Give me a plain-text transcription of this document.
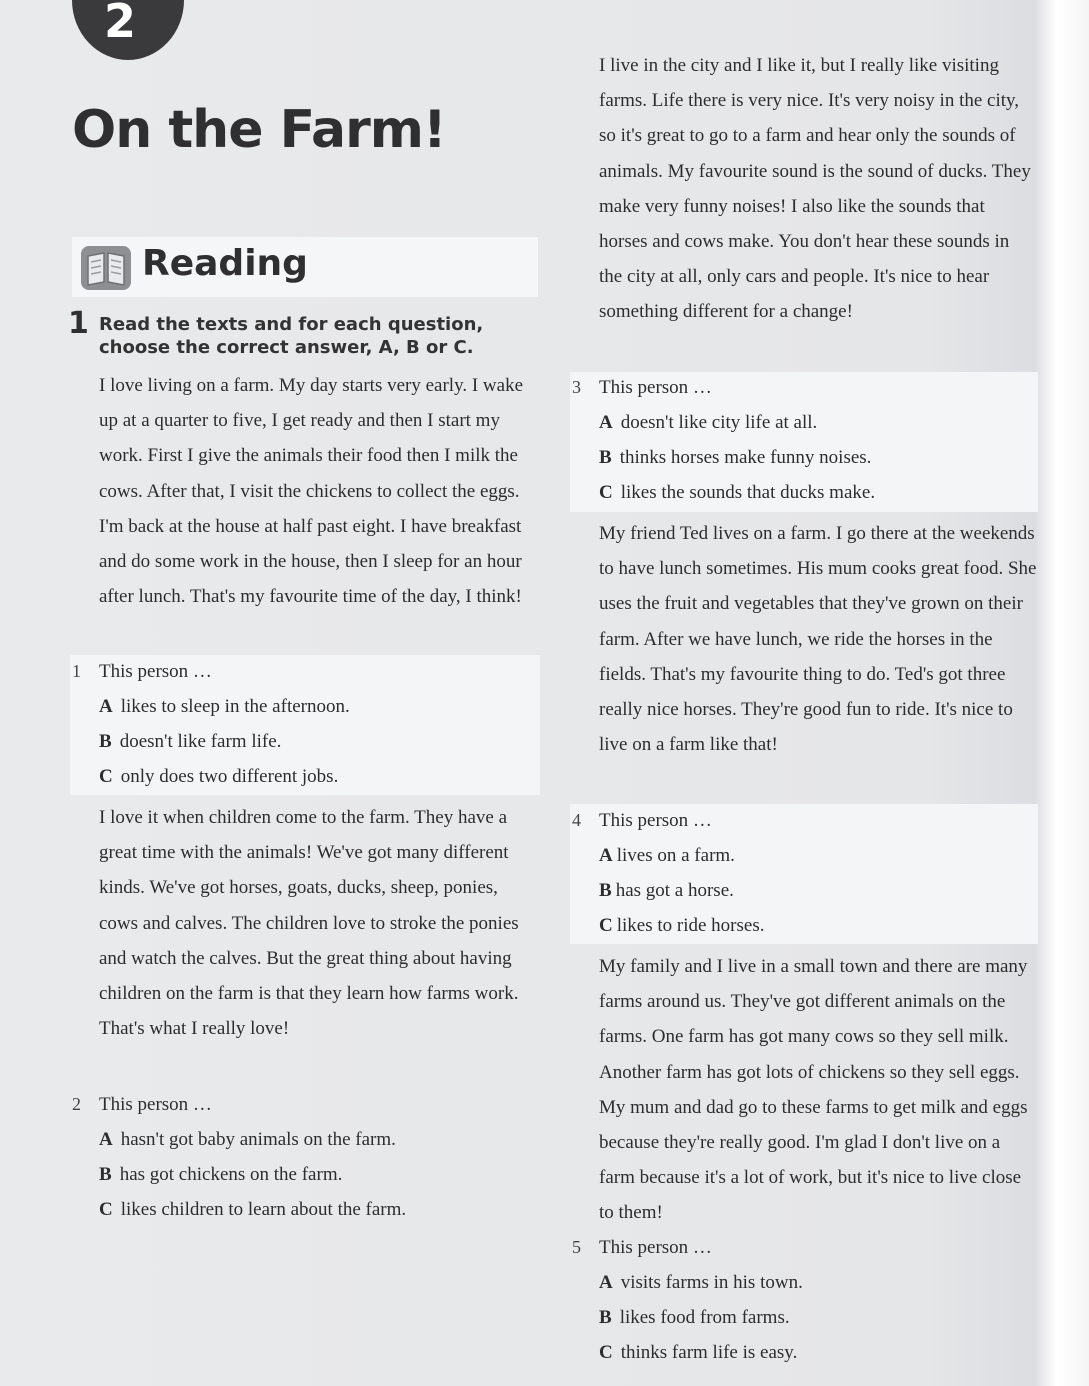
2
On the Farm!
Reading
1 Read the texts and for each question, choose the correct answer, A, B or C.

I love living on a farm. My day starts very early. I wake up at a quarter to five, I get ready and then I start my work. First I give the animals their food then I milk the cows. After that, I visit the chickens to collect the eggs. I'm back at the house at half past eight. I have breakfast and do some work in the house, then I sleep for an hour after lunch. That's my favourite time of the day, I think!

1 This person …
A likes to sleep in the afternoon.
B doesn't like farm life.
C only does two different jobs.

I love it when children come to the farm. They have a great time with the animals! We've got many different kinds. We've got horses, goats, ducks, sheep, ponies, cows and calves. The children love to stroke the ponies and watch the calves. But the great thing about having children on the farm is that they learn how farms work. That's what I really love!

2 This person …
A hasn't got baby animals on the farm.
B has got chickens on the farm.
C likes children to learn about the farm.

I live in the city and I like it, but I really like visiting farms. Life there is very nice. It's very noisy in the city, so it's great to go to a farm and hear only the sounds of animals. My favourite sound is the sound of ducks. They make very funny noises! I also like the sounds that horses and cows make. You don't hear these sounds in the city at all, only cars and people. It's nice to hear something different for a change!

3 This person …
A doesn't like city life at all.
B thinks horses make funny noises.
C likes the sounds that ducks make.

My friend Ted lives on a farm. I go there at the weekends to have lunch sometimes. His mum cooks great food. She uses the fruit and vegetables that they've grown on their farm. After we have lunch, we ride the horses in the fields. That's my favourite thing to do. Ted's got three really nice horses. They're good fun to ride. It's nice to live on a farm like that!

4 This person …
A lives on a farm.
B has got a horse.
C likes to ride horses.

My family and I live in a small town and there are many farms around us. They've got different animals on the farms. One farm has got many cows so they sell milk. Another farm has got lots of chickens so they sell eggs. My mum and dad go to these farms to get milk and eggs because they're really good. I'm glad I don't live on a farm because it's a lot of work, but it's nice to live close to them!

5 This person …
A visits farms in his town.
B likes food from farms.
C thinks farm life is easy.
